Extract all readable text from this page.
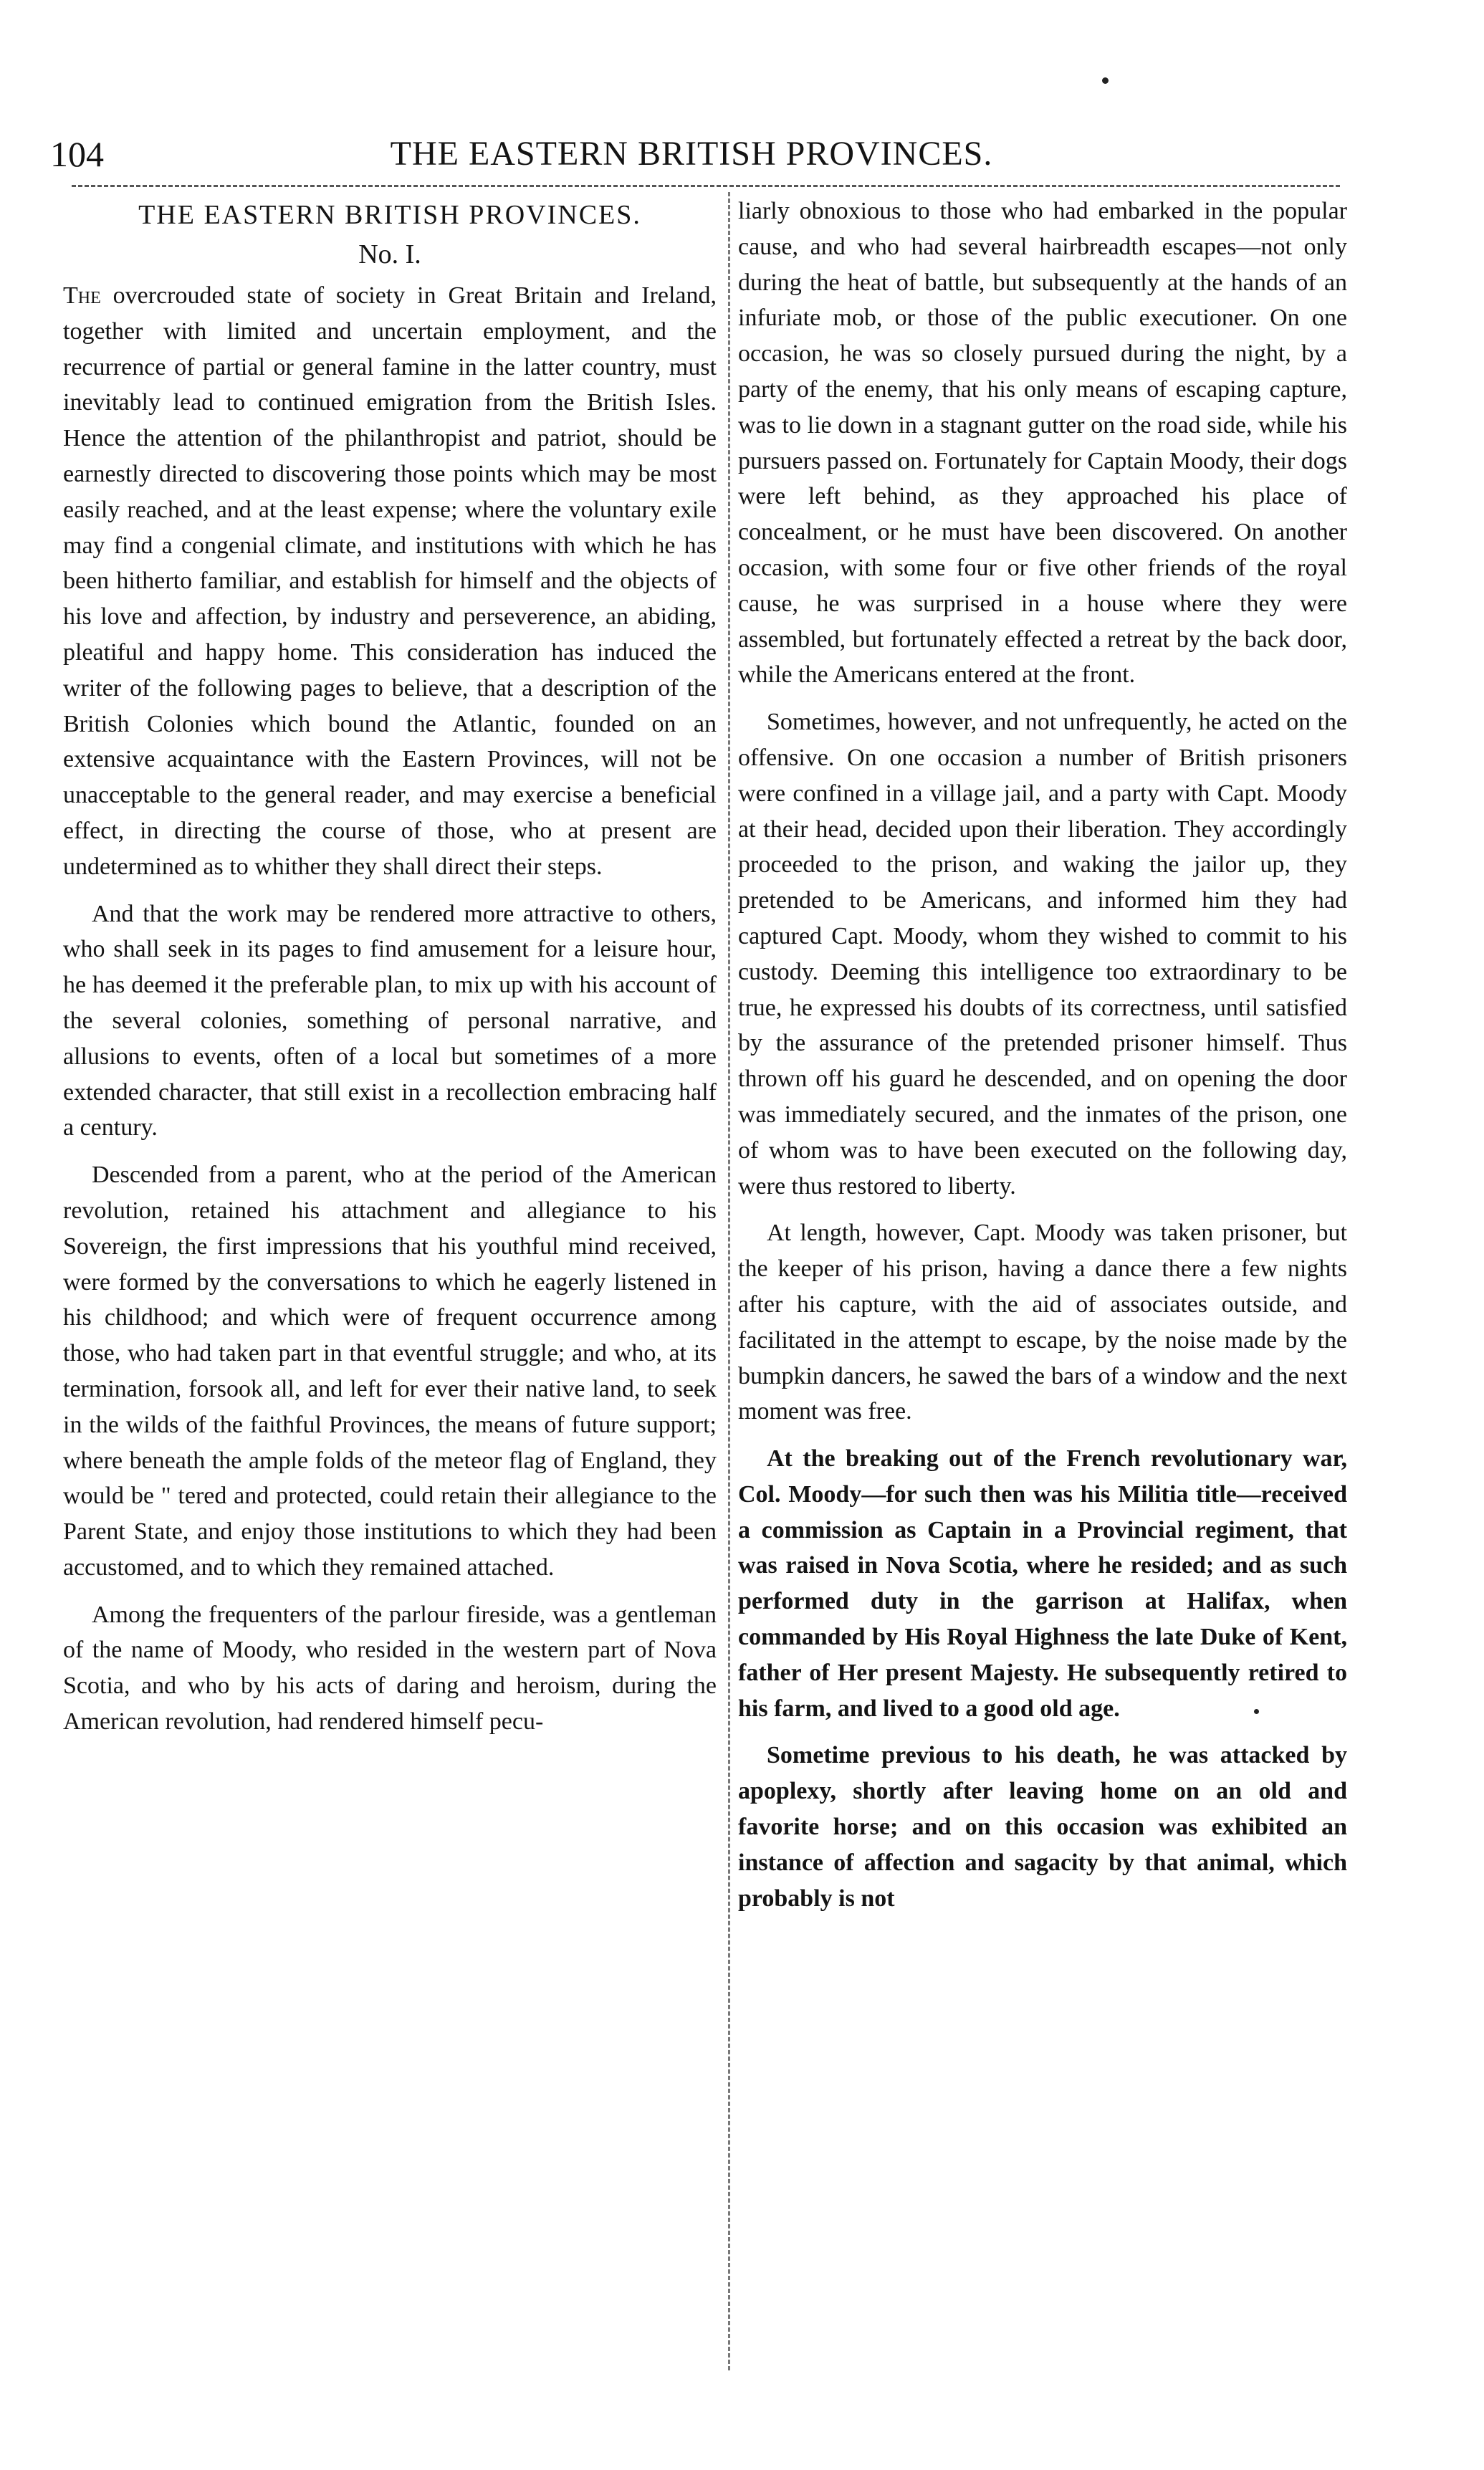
104	THE EASTERN BRITISH PROVINCES.
THE EASTERN BRITISH PROVINCES.
No. I.

The overcrouded state of society in Great Britain and Ireland, together with limited and uncertain employment, and the recurrence of partial or general famine in the latter country, must inevitably lead to continued emigration from the British Isles. Hence the attention of the philanthropist and patriot, should be earnestly directed to discovering those points which may be most easily reached, and at the least expense; where the voluntary exile may find a congenial climate, and institutions with which he has been hitherto familiar, and establish for himself and the objects of his love and affection, by industry and perseverence, an abiding, pleatiful and happy home. This consideration has induced the writer of the following pages to believe, that a description of the British Colonies which bound the Atlantic, founded on an extensive acquaintance with the Eastern Provinces, will not be unacceptable to the general reader, and may exercise a beneficial effect, in directing the course of those, who at present are undetermined as to whither they shall direct their steps.

And that the work may be rendered more attractive to others, who shall seek in its pages to find amusement for a leisure hour, he has deemed it the preferable plan, to mix up with his account of the several colonies, something of personal narrative, and allusions to events, often of a local but sometimes of a more extended character, that still exist in a recollection embracing half a century.

Descended from a parent, who at the period of the American revolution, retained his attachment and allegiance to his Sovereign, the first impressions that his youthful mind received, were formed by the conversations to which he eagerly listened in his childhood; and which were of frequent occurrence among those, who had taken part in that eventful struggle; and who, at its termination, forsook all, and left for ever their native land, to seek in the wilds of the faithful Provinces, the means of future support; where beneath the ample folds of the meteor flag of England, they would be " tered and protected, could retain their allegiance to the Parent State, and enjoy those institutions to which they had been accustomed, and to which they remained attached.

Among the frequenters of the parlour fireside, was a gentleman of the name of Moody, who resided in the western part of Nova Scotia, and who by his acts of daring and heroism, during the American revolution, had rendered himself pecu-

liarly obnoxious to those who had embarked in the popular cause, and who had several hairbreadth escapes—not only during the heat of battle, but subsequently at the hands of an infuriate mob, or those of the public executioner. On one occasion, he was so closely pursued during the night, by a party of the enemy, that his only means of escaping capture, was to lie down in a stagnant gutter on the road side, while his pursuers passed on. Fortunately for Captain Moody, their dogs were left behind, as they approached his place of concealment, or he must have been discovered. On another occasion, with some four or five other friends of the royal cause, he was surprised in a house where they were assembled, but fortunately effected a retreat by the back door, while the Americans entered at the front.

Sometimes, however, and not unfrequently, he acted on the offensive. On one occasion a number of British prisoners were confined in a village jail, and a party with Capt. Moody at their head, decided upon their liberation. They accordingly proceeded to the prison, and waking the jailor up, they pretended to be Americans, and informed him they had captured Capt. Moody, whom they wished to commit to his custody. Deeming this intelligence too extraordinary to be true, he expressed his doubts of its correctness, until satisfied by the assurance of the pretended prisoner himself. Thus thrown off his guard he descended, and on opening the door was immediately secured, and the inmates of the prison, one of whom was to have been executed on the following day, were thus restored to liberty.

At length, however, Capt. Moody was taken prisoner, but the keeper of his prison, having a dance there a few nights after his capture, with the aid of associates outside, and facilitated in the attempt to escape, by the noise made by the bumpkin dancers, he sawed the bars of a window and the next moment was free.

At the breaking out of the French revolutionary war, Col. Moody—for such then was his Militia title—received a commission as Captain in a Provincial regiment, that was raised in Nova Scotia, where he resided; and as such performed duty in the garrison at Halifax, when commanded by His Royal Highness the late Duke of Kent, father of Her present Majesty. He subsequently retired to his farm, and lived to a good old age.

Sometime previous to his death, he was attacked by apoplexy, shortly after leaving home on an old and favorite horse; and on this occasion was exhibited an instance of affection and sagacity by that animal, which probably is not
